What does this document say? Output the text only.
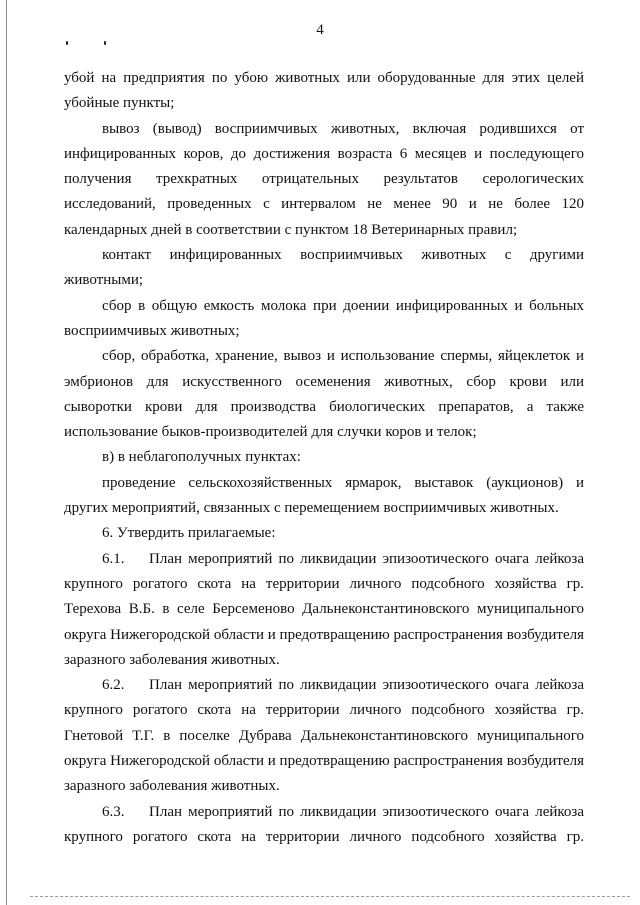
4

убой на предприятия по убою животных или оборудованные для этих целей убойные пункты;

вывоз (вывод) восприимчивых животных, включая родившихся от инфицированных коров, до достижения возраста 6 месяцев и последующего получения трехкратных отрицательных результатов серологических исследований, проведенных с интервалом не менее 90 и не более 120 календарных дней в соответствии с пунктом 18 Ветеринарных правил;

контакт инфицированных восприимчивых животных с другими животными;

сбор в общую емкость молока при доении инфицированных и больных восприимчивых животных;

сбор, обработка, хранение, вывоз и использование спермы, яйцеклеток и эмбрионов для искусственного осеменения животных, сбор крови или сыворотки крови для производства биологических препаратов, а также использование быков-производителей для случки коров и телок;

в) в неблагополучных пунктах:

проведение сельскохозяйственных ярмарок, выставок (аукционов) и других мероприятий, связанных с перемещением восприимчивых животных.

6. Утвердить прилагаемые:

6.1.    План мероприятий по ликвидации эпизоотического очага лейкоза крупного рогатого скота на территории личного подсобного хозяйства гр. Терехова В.Б. в селе Берсеменово Дальнеконстантиновского муниципального округа Нижегородской области и предотвращению распространения возбудителя заразного заболевания животных.

6.2.    План мероприятий по ликвидации эпизоотического очага лейкоза крупного рогатого скота на территории личного подсобного хозяйства гр. Гнетовой Т.Г. в поселке Дубрава Дальнеконстантиновского муниципального округа Нижегородской области и предотвращению распространения возбудителя заразного заболевания животных.

6.3.    План мероприятий по ликвидации эпизоотического очага лейкоза крупного рогатого скота на территории личного подсобного хозяйства гр.
